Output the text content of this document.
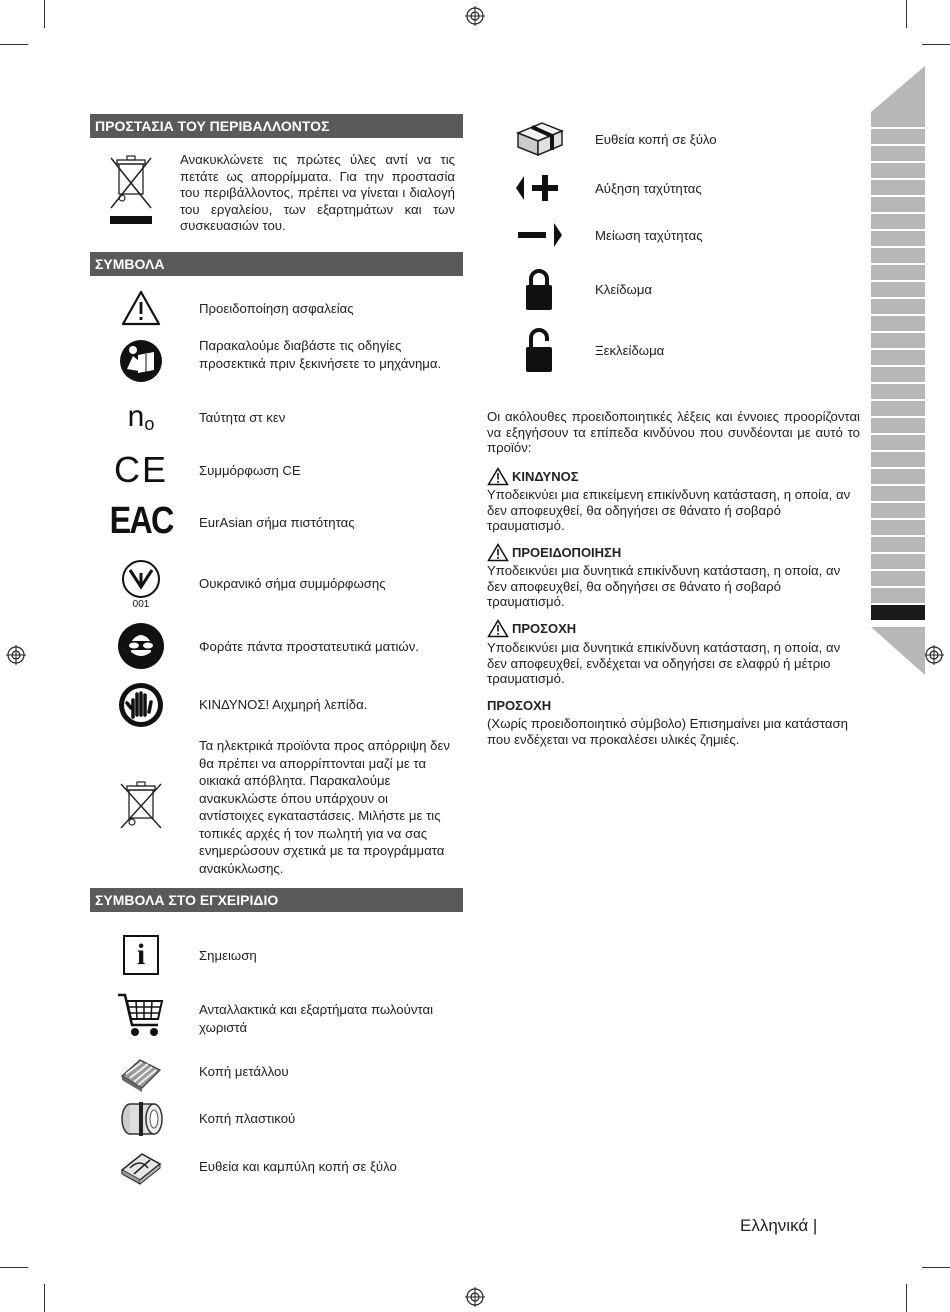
ΠΡΟΣΤΑΣΙΑ ΤΟΥ ΠΕΡΙΒΑΛΛΟΝΤΟΣ
Ανακυκλώνετε τις πρώτες ύλες αντί να τις πετάτε ως απορρίμματα. Για την προστασία του περιβάλλοντος, πρέπει να γίνεται ι διαλογή του εργαλείου, των εξαρτημάτων και των συσκευασιών του.
ΣΥΜΒΟΛΑ
Προειδοποίηση ασφαλείας
Παρακαλούμε διαβάστε τις οδηγίες προσεκτικά πριν ξεκινήσετε το μηχάνημα.
n o	Ταύτητα στ κεν
CE Συμμόρφωση CE
EAC EurAsian σήμα πιστότητας
001
Ουκρανικό σήμα συμμόρφωσης
Φοράτε πάντα προστατευτικά ματιών.
ΚΙΝΔΥΝΟΣ! Αιχμηρή λεπίδα.
Τα ηλεκτρικά προϊόντα προς απόρριψη δεν θα πρέπει να απορρίπτονται μαζί με τα οικιακά απόβλητα. Παρακαλούμε ανακυκλώστε όπου υπάρχουν οι αντίστοιχες εγκαταστάσεις. Μιλήστε με τις τοπικές αρχές ή τον πωλητή για να σας ενημερώσουν σχετικά με τα προγράμματα ανακύκλωσης.
ΣΥΜΒΟΛΑ ΣΤΟ ΕΓΧΕΙΡΙΔΙΟ
i	Σημειωση
Ανταλλακτικά και εξαρτήματα πωλούνται χωριστά
Κοπή μετάλλου
Κοπή πλαστικού
Ευθεία και καμπύλη κοπή σε ξύλο
Ευθεία κοπή σε ξύλο
Αύξηση ταχύτητας
Μείωση ταχύτητας
Κλείδωμα
Ξεκλείδωμα
Οι ακόλουθες προειδοποιητικές λέξεις και έννοιες προορίζονται να εξηγήσουν τα επίπεδα κινδύνου που συνδέονται με αυτό το προϊόν:
ΚΙΝΔΥΝΟΣ
Υποδεικνύει μια επικείμενη επικίνδυνη κατάσταση, η οποία, αν δεν αποφευχθεί, θα οδηγήσει σε θάνατο ή σοβαρό τραυματισμό.
ΠΡΟΕΙΔΟΠΟΙΗΣΗ
Υποδεικνύει μια δυνητικά επικίνδυνη κατάσταση, η οποία, αν δεν αποφευχθεί, θα οδηγήσει σε θάνατο ή σοβαρό τραυματισμό.
ΠΡΟΣΟΧΗ
Υποδεικνύει μια δυνητικά επικίνδυνη κατάσταση, η οποία, αν δεν αποφευχθεί, ενδέχεται να οδηγήσει σε ελαφρύ ή μέτριο τραυματισμό.
ΠΡΟΣΟΧΗ
(Χωρίς προειδοποιητικό σύμβολο) Επισημαίνει μια κατάσταση που ενδέχεται να προκαλέσει υλικές ζημιές.
Ελληνικά |
